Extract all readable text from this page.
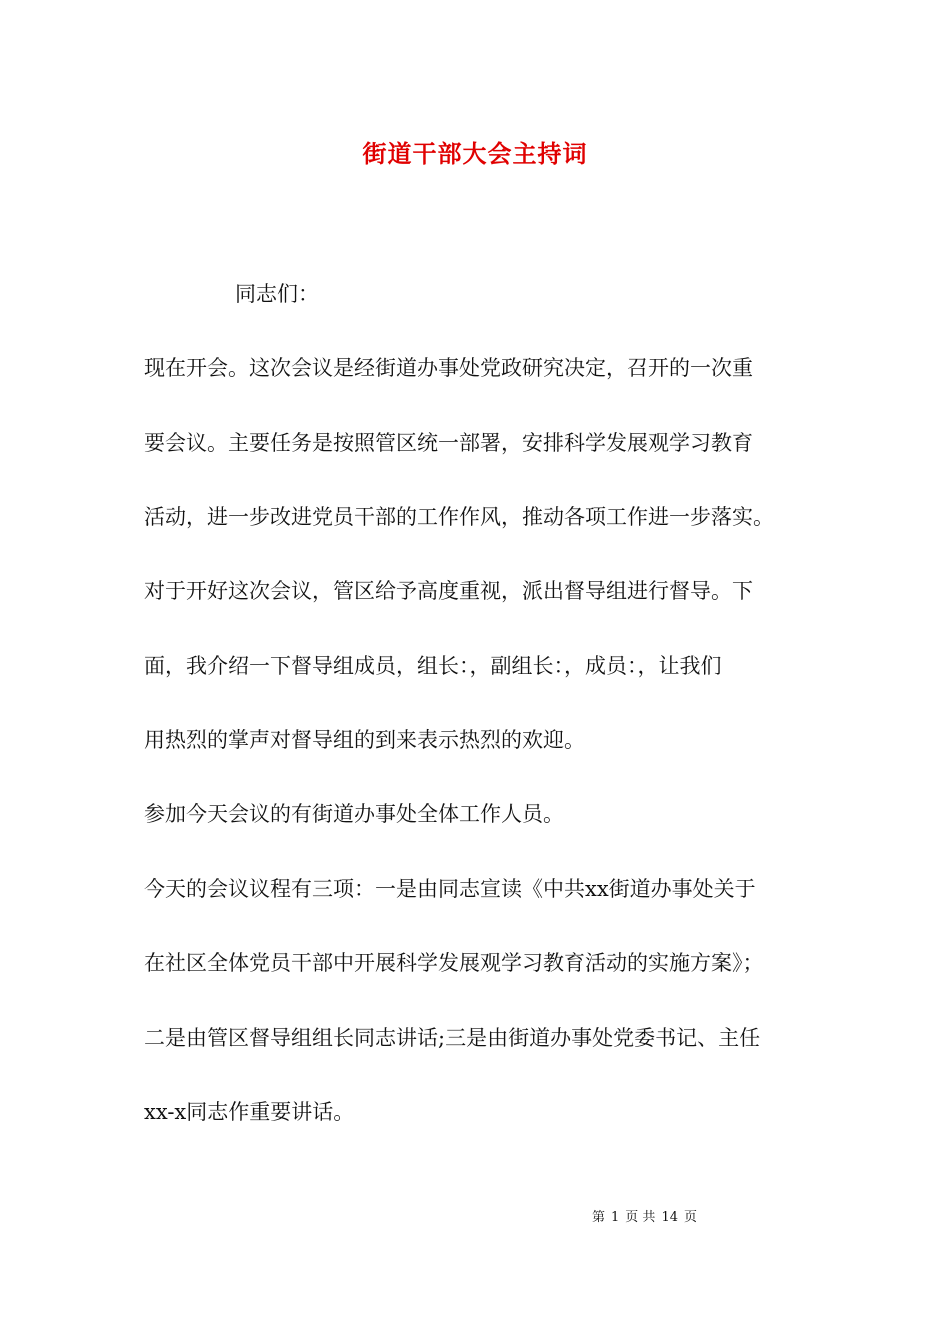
街道干部大会主持词
同志们：
现在开会。这次会议是经街道办事处党政研究决定，召开的一次重
要会议。主要任务是按照管区统一部署，安排科学发展观学习教育
活动，进一步改进党员干部的工作作风，推动各项工作进一步落实。
对于开好这次会议，管区给予高度重视，派出督导组进行督导。下
面，我介绍一下督导组成员，组长：，副组长：，成员：，让我们
用热烈的掌声对督导组的到来表示热烈的欢迎。
参加今天会议的有街道办事处全体工作人员。
今天的会议议程有三项：一是由同志宣读《中共xx街道办事处关于
在社区全体党员干部中开展科学发展观学习教育活动的实施方案》；
二是由管区督导组组长同志讲话;三是由街道办事处党委书记、主任
xx-x同志作重要讲话。
第 1 页 共 14 页
